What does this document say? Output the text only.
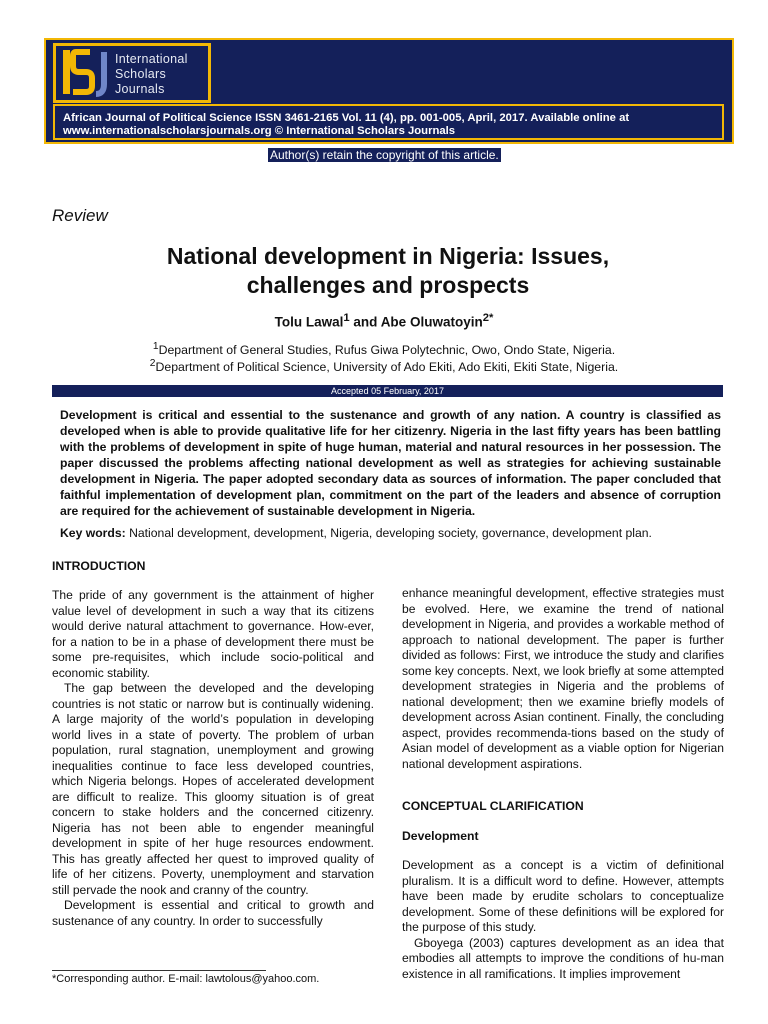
International
Scholars
Journals
African Journal of Political Science ISSN 3461-2165 Vol. 11 (4), pp. 001-005, April, 2017. Available online at
www.internationalscholarsjournals.org © International Scholars Journals
Author(s) retain the copyright of this article.
Review
National development in Nigeria: Issues,
challenges and prospects
Tolu Lawal$^1$ and Abe Oluwatoyin$^{2*}$
$^1$Department of General Studies, Rufus Giwa Polytechnic, Owo, Ondo State, Nigeria.
$^2$Department of Political Science, University of Ado Ekiti, Ado Ekiti, Ekiti State, Nigeria.
Accepted 05 February, 2017
Development is critical and essential to the sustenance and growth of any nation. A country is classified as developed when is able to provide qualitative life for her citizenry. Nigeria in the last fifty years has been battling with the problems of development in spite of huge human, material and natural resources in her possession. The paper discussed the problems affecting national development as well as strategies for achieving sustainable development in Nigeria. The paper adopted secondary data as sources of information. The paper concluded that faithful implementation of development plan, commitment on the part of the leaders and absence of corruption are required for the achievement of sustainable development in Nigeria.
Key words: National development, development, Nigeria, developing society, governance, development plan.
INTRODUCTION

The pride of any government is the attainment of higher value level of development in such a way that its citizens would derive natural attachment to governance. How-ever, for a nation to be in a phase of development there must be some pre-requisites, which include socio-political and economic stability.

The gap between the developed and the developing countries is not static or narrow but is continually widening. A large majority of the world’s population in developing world lives in a state of poverty. The problem of urban population, rural stagnation, unemployment and growing inequalities continue to face less developed countries, which Nigeria belongs. Hopes of accelerated development are difficult to realize. This gloomy situation is of great concern to stake holders and the concerned citizenry. Nigeria has not been able to engender meaningful development in spite of her huge resources endowment. This has greatly affected her quest to improved quality of life of her citizens. Poverty, unemployment and starvation still pervade the nook and cranny of the country.

Development is essential and critical to growth and sustenance of any country. In order to successfully

enhance meaningful development, effective strategies must be evolved. Here, we examine the trend of national development in Nigeria, and provides a workable method of approach to national development. The paper is further divided as follows: First, we introduce the study and clarifies some key concepts. Next, we look briefly at some attempted development strategies in Nigeria and the problems of national development; then we examine briefly models of development across Asian continent. Finally, the concluding aspect, provides recommenda-tions based on the study of Asian model of development as a viable option for Nigerian national development aspirations.

CONCEPTUAL CLARIFICATION
Development

Development as a concept is a victim of definitional pluralism. It is a difficult word to define. However, attempts have been made by erudite scholars to conceptualize development. Some of these definitions will be explored for the purpose of this study.

Gboyega (2003) captures development as an idea that embodies all attempts to improve the conditions of hu-man existence in all ramifications. It implies improvement

*Corresponding author. E-mail: lawtolous@yahoo.com.
